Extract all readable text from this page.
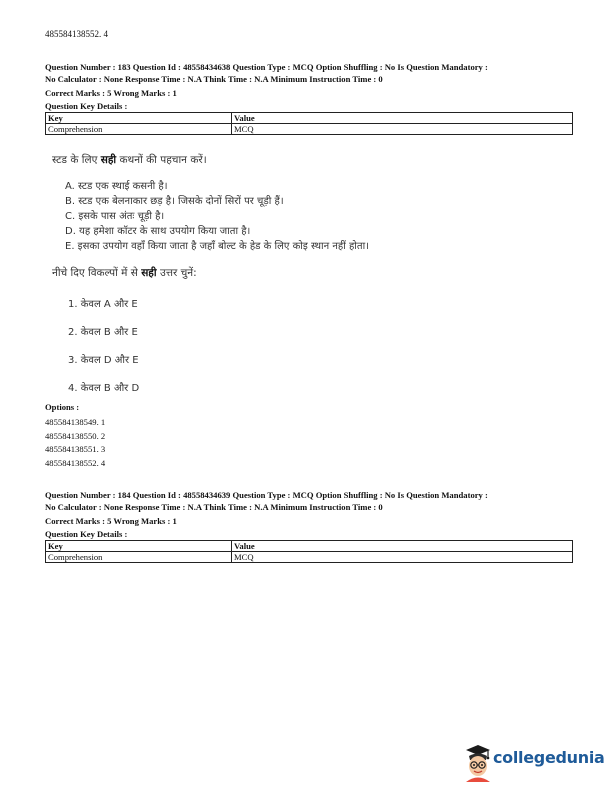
485584138552. 4
Question Number : 183 Question Id : 48558434638 Question Type : MCQ Option Shuffling : No Is Question Mandatory :
No Calculator : None Response Time : N.A Think Time : N.A Minimum Instruction Time : 0
Correct Marks : 5 Wrong Marks : 1
Question Key Details :
Key	Value
Comprehension	MCQ
स्टड के लिए सही कथनों की पहचान करें।
A. स्टड एक स्थाई कसनी है।
B. स्टड एक बेलनाकार छड़ है। जिसके दोनों सिरों पर चूड़ी हैं।
C. इसके पास अंतः चूड़ी है।
D. यह हमेशा कॉटर के साथ उपयोग किया जाता है।
E. इसका उपयोग वहाँ किया जाता है जहाँ बोल्ट के हेड के लिए कोइ स्थान नहीं होता।
नीचे दिए विकल्पों में से सही उत्तर चुनें:
1. केवल A और E
2. केवल B और E
3. केवल D और E
4. केवल B और D
Options :
485584138549. 1
485584138550. 2
485584138551. 3
485584138552. 4
Question Number : 184 Question Id : 48558434639 Question Type : MCQ Option Shuffling : No Is Question Mandatory :
No Calculator : None Response Time : N.A Think Time : N.A Minimum Instruction Time : 0
Correct Marks : 5 Wrong Marks : 1
Question Key Details :
Key	Value
Comprehension	MCQ
collegedunia
